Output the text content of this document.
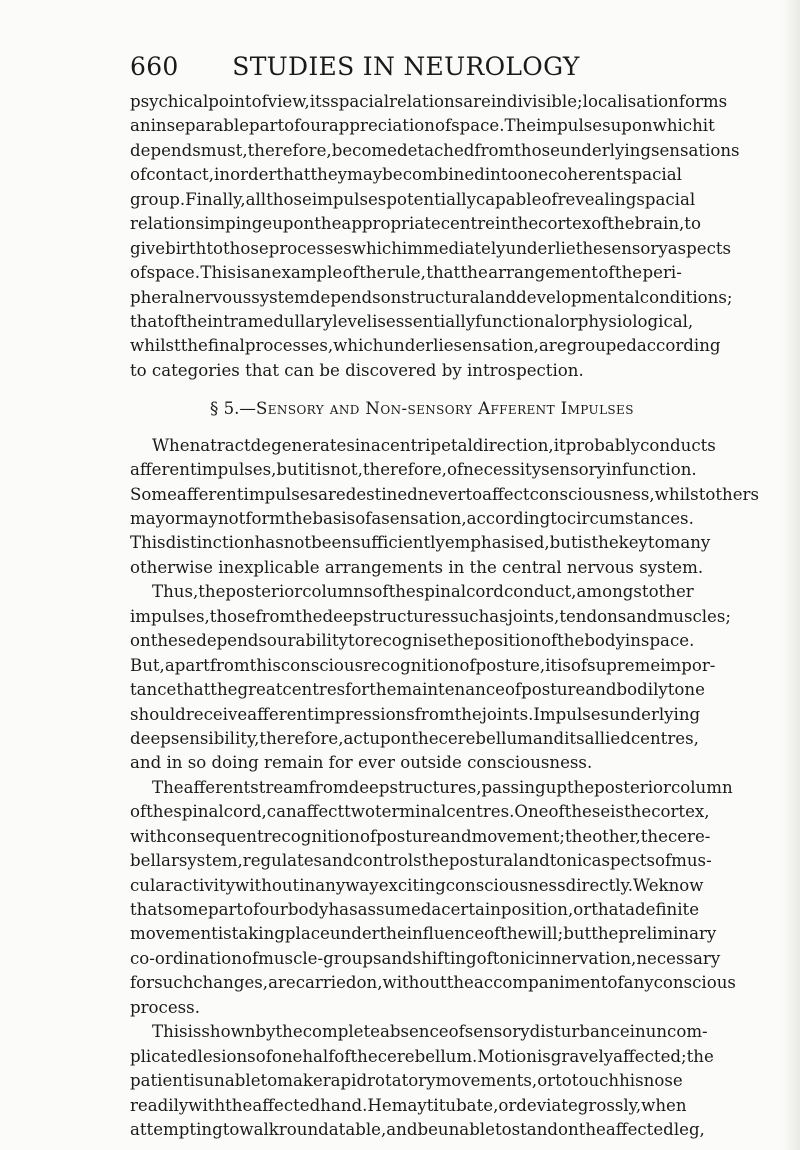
660	STUDIES IN NEUROLOGY
psychical point of view, its spacial relations are indivisible; localisation forms
an inseparable part of our appreciation of space. The impulses upon which it
depends must, therefore, become detached from those underlying sensations
of contact, in order that they may be combined into one coherent spacial
group. Finally, all those impulses potentially capable of revealing spacial
relations impinge upon the appropriate centre in the cortex of the brain, to
give birth to those processes which immediately underlie the sensory aspects
of space. This is an example of the rule, that the arrangement of the peri-
pheral nervous system depends on structural and developmental conditions;
that of the intramedullary level is essentially functional or physiological,
whilst the final processes, which underlie sensation, are grouped according
to categories that can be discovered by introspection.
§ 5.—Sensory and Non-sensory Afferent Impulses
When a tract degenerates in a centripetal direction, it probably conducts
afferent impulses, but it is not, therefore, of necessity sensory in function.
Some afferent impulses are destined never to affect consciousness, whilst others
may or may not form the basis of a sensation, according to circumstances.
This distinction has not been sufficiently emphasised, but is the key to many
otherwise inexplicable arrangements in the central nervous system.
Thus, the posterior columns of the spinal cord conduct, amongst other
impulses, those from the deep structures such as joints, tendons and muscles;
on these depends our ability to recognise the position of the body in space.
But, apart from this conscious recognition of posture, it is of supreme impor-
tance that the great centres for the maintenance of posture and bodily tone
should receive afferent impressions from the joints. Impulses underlying
deep sensibility, therefore, act upon the cerebellum and its allied centres,
and in so doing remain for ever outside consciousness.
The afferent stream from deep structures, passing up the posterior column
of the spinal cord, can affect two terminal centres. One of these is the cortex,
with consequent recognition of posture and movement; the other, the cere-
bellar system, regulates and controls the postural and tonic aspects of mus-
cular activity without in any way exciting consciousness directly. We know
that some part of our body has assumed a certain position, or that a definite
movement is taking place under the influence of the will; but the preliminary
co-ordination of muscle-groups and shifting of tonic innervation, necessary
for such changes, are carried on, without the accompaniment of any conscious
process.
This is shown by the complete absence of sensory disturbance in uncom-
plicated lesions of one half of the cerebellum. Motion is gravely affected; the
patient is unable to make rapid rotatory movements, or to touch his nose
readily with the affected hand. He may titubate, or deviate grossly, when
attempting to walk round a table, and be unable to stand on the affected leg,
